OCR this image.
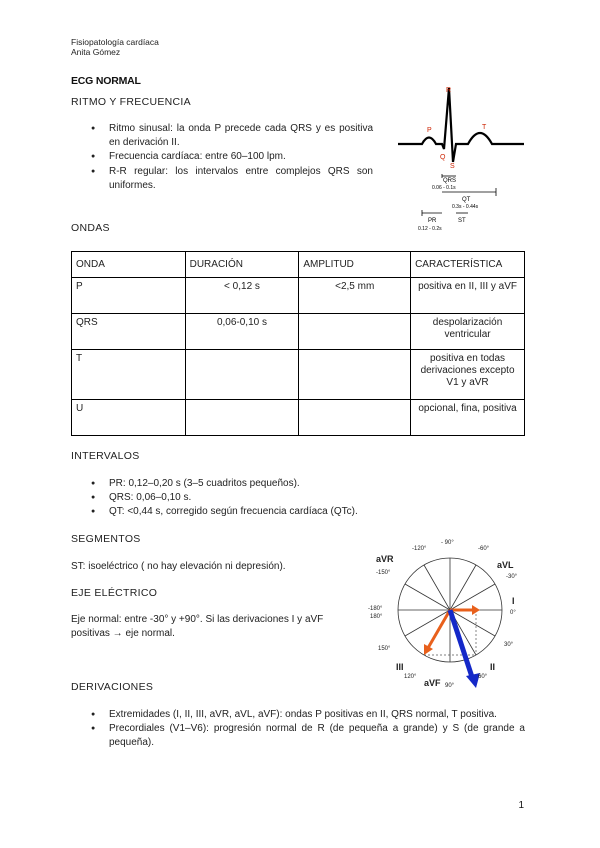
Fisiopatología cardíaca
Anita Gómez
ECG NORMAL
RITMO Y FRECUENCIA
● Ritmo sinusal: la onda P precede cada QRS y es positiva en derivación II.
● Frecuencia cardíaca: entre 60–100 lpm.
● R-R regular: los intervalos entre complejos QRS son uniformes.
P
R
T
Q
S
QRS
0.06 - 0.1s
QT
0.3s - 0.44s
PR	ST
0.12 - 0.2s
ONDAS
ONDA	DURACIÓN	AMPLITUD	CARACTERÍSTICA
P	< 0,12 s	<2,5 mm	positiva en II, III y aVF
QRS	0,06-0,10 s		despolarización ventricular
T			positiva en todas derivaciones excepto V1 y aVR
U			opcional, fina, positiva
INTERVALOS
● PR: 0,12–0,20 s (3–5 cuadritos pequeños).
● QRS: 0,06–0,10 s.
● QT: <0,44 s, corregido según frecuencia cardíaca (QTc).
SEGMENTOS
ST: isoeléctrico ( no hay elevación ni depresión).
EJE ELÉCTRICO
Eje normal: entre -30° y +90°. Si las derivaciones I y aVF positivas → eje normal.
-120°
- 90°
-60°
aVR
-150°
aVL
-30°
-180°
180°
I
0°
150°
30°
III	II
120°	60°
aVF 90°
DERIVACIONES
● Extremidades (I, II, III, aVR, aVL, aVF): ondas P positivas en II, QRS normal, T positiva.
● Precordiales (V1–V6): progresión normal de R (de pequeña a grande) y S (de grande a pequeña).
1
